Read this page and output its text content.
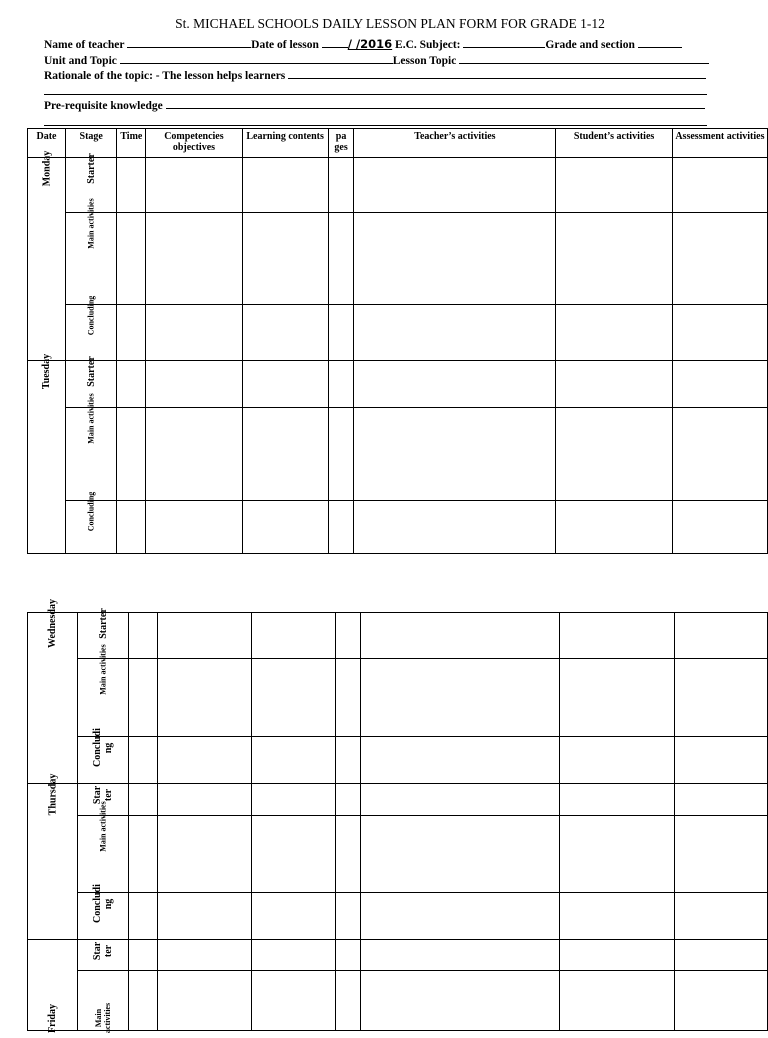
St. MICHAEL SCHOOLS DAILY LESSON PLAN FORM FOR GRADE 1-12
Name of teacher	Date of lesson	/ /2016 E.C. Subject:	Grade and section
Unit and Topic	Lesson Topic
Rationale of the topic: - The lesson helps learners
Pre-requisite knowledge
Date	Stage	Time	Competencies objectives	Learning contents	pa ges	Teacher’s activities	Student’s activities	Assessment activities
Monday	Starter							
	Main activities							
	Concluding							
Tuesday	Starter							
	Main activities							
	Concluding							
Wednesday	Starter							
	Main activities							
	Concludi ng							
Thursday	Star ter							
	Main activities							
	Concludi ng							
Friday	Star ter							
	Main activities							
